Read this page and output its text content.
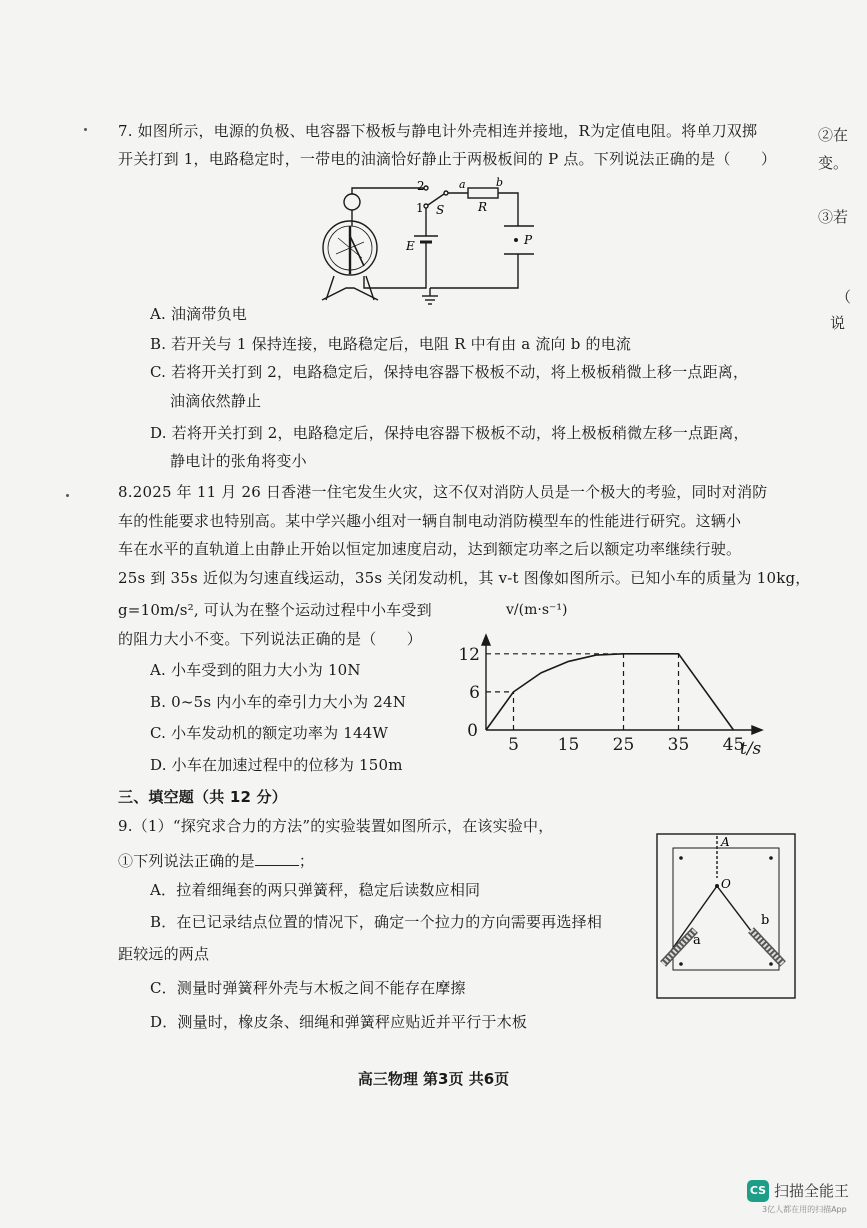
7. 如图所示，电源的负极、电容器下极板与静电计外壳相连并接地，R为定值电阻。将单刀双掷
开关打到 1，电路稳定时，一带电的油滴恰好静止于两极板间的 P 点。下列说法正确的是（　　）
2
1
a	b
R
S
E	P
A. 油滴带负电
B. 若开关与 1 保持连接，电路稳定后，电阻 R 中有由 a 流向 b 的电流
C. 若将开关打到 2，电路稳定后，保持电容器下极板不动，将上极板稍微上移一点距离，
油滴依然静止
D. 若将开关打到 2，电路稳定后，保持电容器下极板不动，将上极板稍微左移一点距离，
静电计的张角将变小
8.2025 年 11 月 26 日香港一住宅发生火灾，这不仅对消防人员是一个极大的考验，同时对消防
车的性能要求也特别高。某中学兴趣小组对一辆自制电动消防模型车的性能进行研究。这辆小
车在水平的直轨道上由静止开始以恒定加速度启动，达到额定功率之后以额定功率继续行驶。
25s 到 35s 近似为匀速直线运动，35s 关闭发动机，其 v-t 图像如图所示。已知小车的质量为 10kg，
g=10m/s², 可认为在整个运动过程中小车受到
的阻力大小不变。下列说法正确的是（　　）
A. 小车受到的阻力大小为 10N
B. 0~5s 内小车的牵引力大小为 24N
C. 小车发动机的额定功率为 144W
D. 小车在加速过程中的位移为 150m
5 15 25 35 45
6
12
0
t/s
v/(m·s⁻¹)
三、填空题（共 12 分）
9.（1）“探究求合力的方法”的实验装置如图所示，在该实验中，
①下列说法正确的是	；
A．拉着细绳套的两只弹簧秤，稳定后读数应相同
B．在已记录结点位置的情况下，确定一个拉力的方向需要再选择相
距较远的两点
C．测量时弹簧秤外壳与木板之间不能存在摩擦
D．测量时，橡皮条、细绳和弹簧秤应贴近并平行于木板
A
O
a
b
高三物理 第3页 共6页
②在
变。
③若
（
说
CS 扫描全能王
3亿人都在用的扫描App
